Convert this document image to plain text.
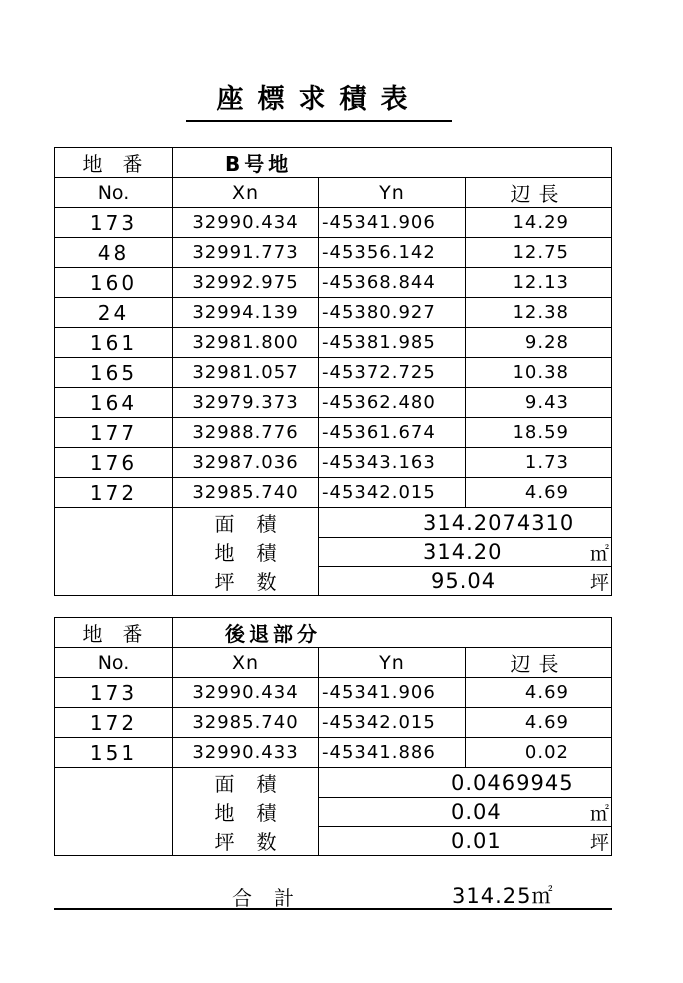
座標求積表
地番	B号地
No.	Xn	Yn	辺長
173	32990.434	-45341.906	14.29
48	32991.773	-45356.142	12.75
160	32992.975	-45368.844	12.13
24	32994.139	-45380.927	12.38
161	32981.800	-45381.985	9.28
165	32981.057	-45372.725	10.38
164	32979.373	-45362.480	9.43
177	32988.776	-45361.674	18.59
176	32987.036	-45343.163	1.73
172	32985.740	-45342.015	4.69
面積	314.2074310
地積	314.20	㎡
坪数	95.04	坪
地番	後退部分
No.	Xn	Yn	辺長
173	32990.434	-45341.906	4.69
172	32985.740	-45342.015	4.69
151	32990.433	-45341.886	0.02
面積	0.0469945
地積	0.04	㎡
坪数	0.01	坪
合計	314.25㎡
